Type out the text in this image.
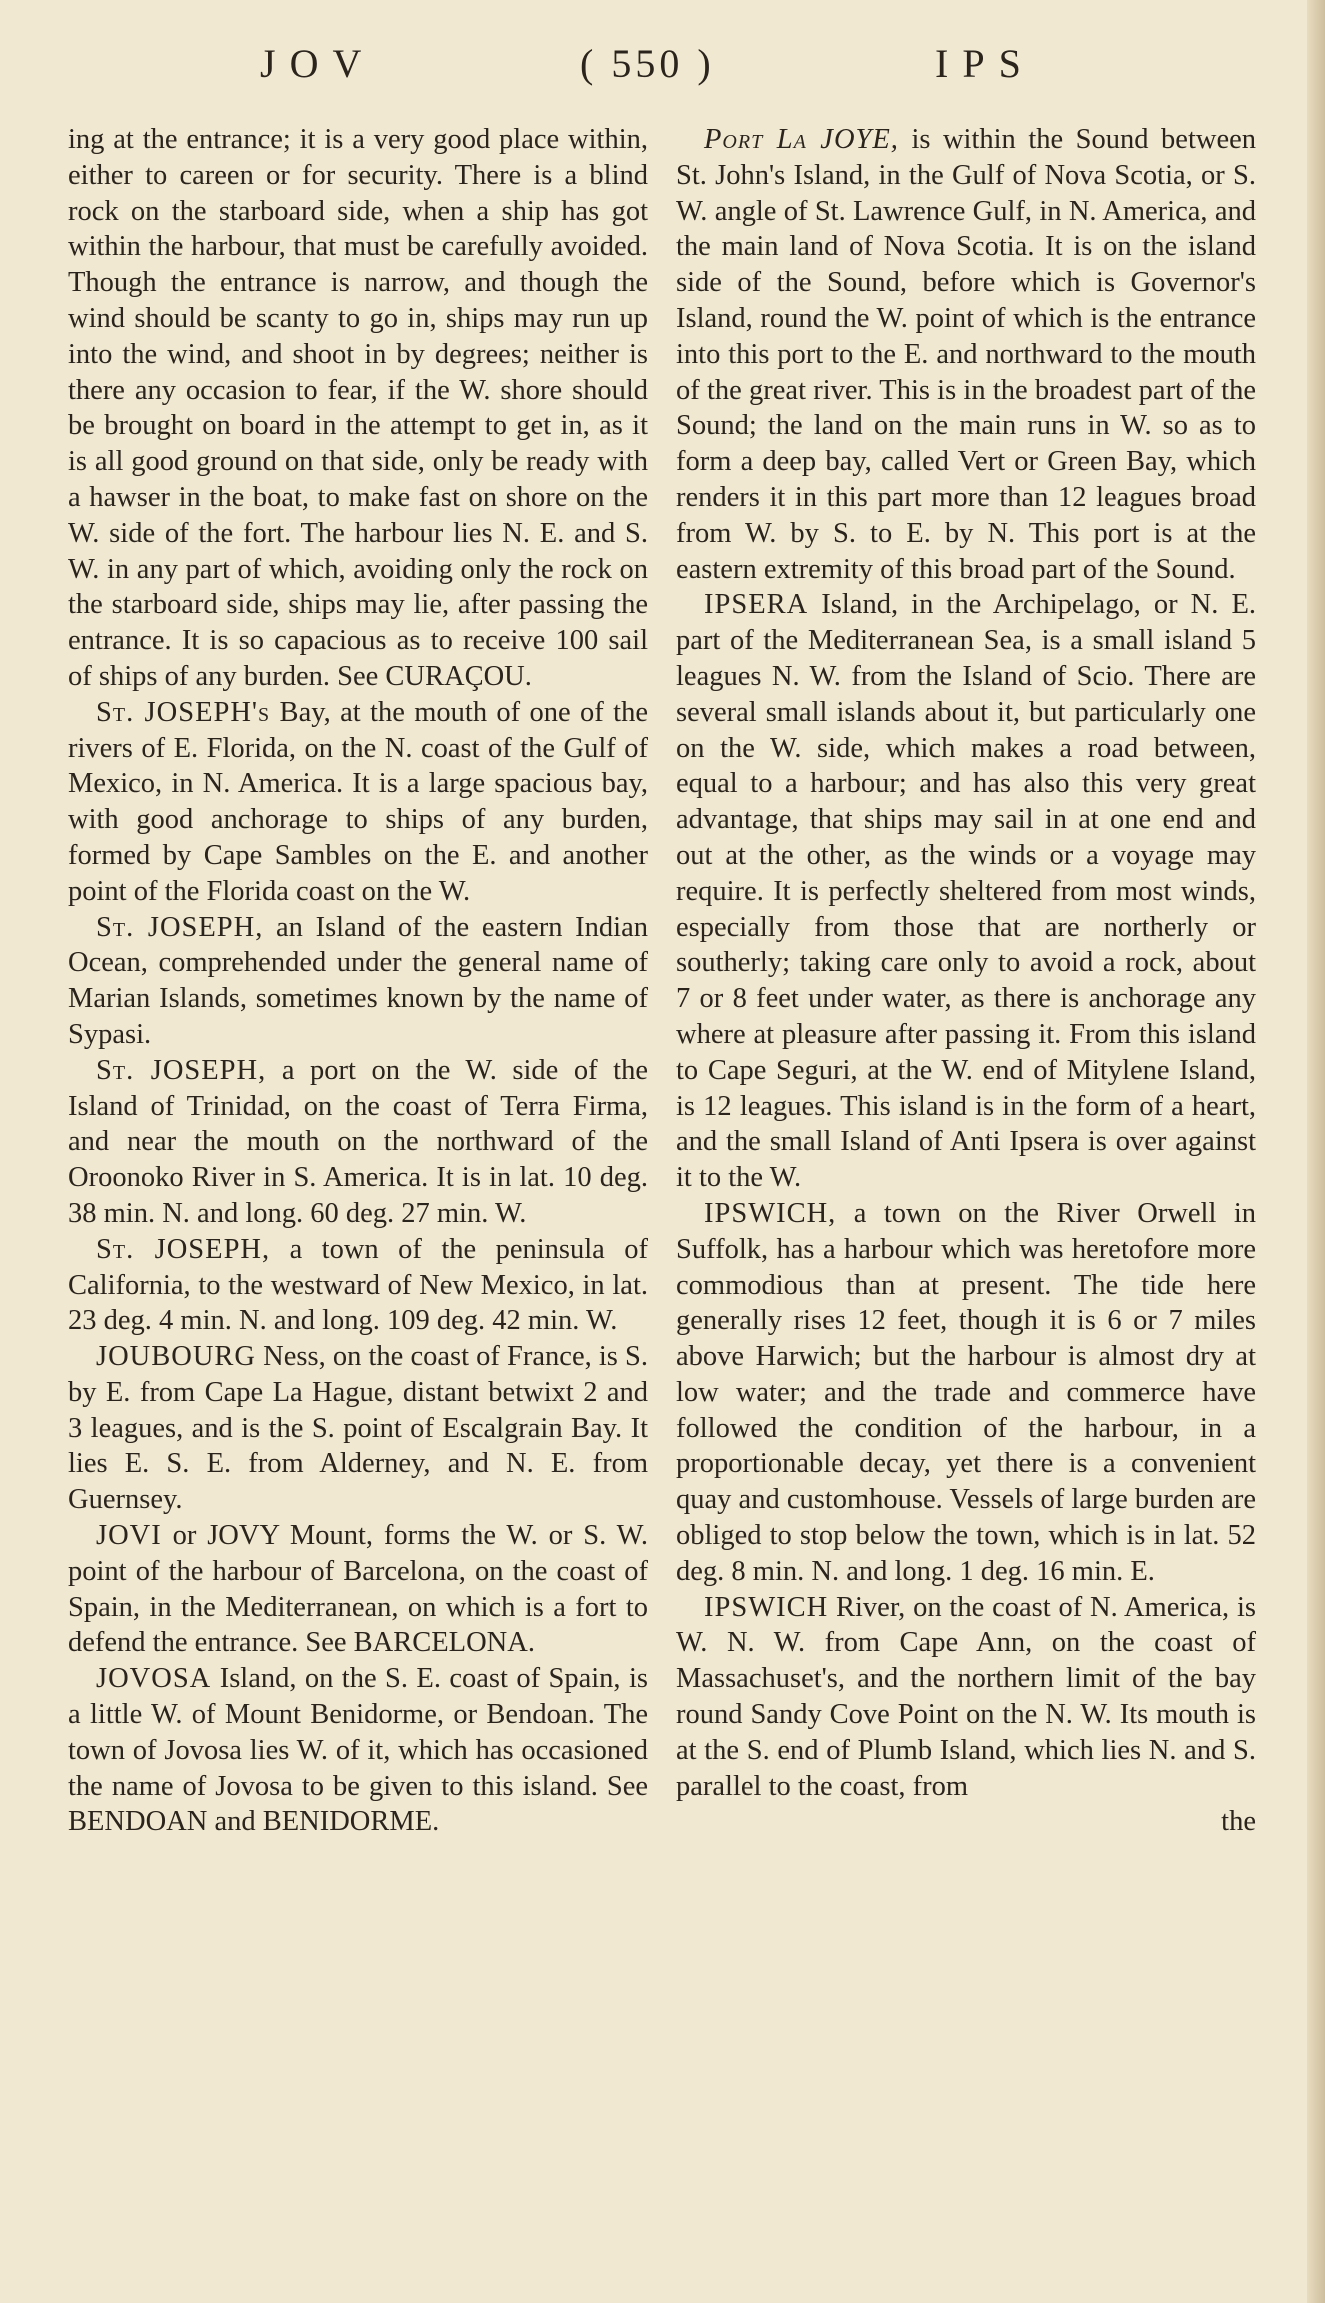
JOV	( 550 )	IPS

ing at the entrance; it is a very good place within, either to careen or for security. There is a blind rock on the starboard side, when a ship has got within the harbour, that must be carefully avoided. Though the entrance is narrow, and though the wind should be scanty to go in, ships may run up into the wind, and shoot in by degrees; neither is there any occasion to fear, if the W. shore should be brought on board in the attempt to get in, as it is all good ground on that side, only be ready with a hawser in the boat, to make fast on shore on the W. side of the fort. The harbour lies N. E. and S. W. in any part of which, avoiding only the rock on the starboard side, ships may lie, after passing the entrance. It is so capacious as to receive 100 sail of ships of any burden. See CURAÇOU.

St. JOSEPH's Bay, at the mouth of one of the rivers of E. Florida, on the N. coast of the Gulf of Mexico, in N. America. It is a large spacious bay, with good anchorage to ships of any burden, formed by Cape Sambles on the E. and another point of the Florida coast on the W.

St. JOSEPH, an Island of the eastern Indian Ocean, comprehended under the general name of Marian Islands, sometimes known by the name of Sypasi.

St. JOSEPH, a port on the W. side of the Island of Trinidad, on the coast of Terra Firma, and near the mouth on the northward of the Oroonoko River in S. America. It is in lat. 10 deg. 38 min. N. and long. 60 deg. 27 min. W.

St. JOSEPH, a town of the peninsula of California, to the westward of New Mexico, in lat. 23 deg. 4 min. N. and long. 109 deg. 42 min. W.

JOUBOURG Ness, on the coast of France, is S. by E. from Cape La Hague, distant betwixt 2 and 3 leagues, and is the S. point of Escalgrain Bay. It lies E. S. E. from Alderney, and N. E. from Guernsey.

JOVI or JOVY Mount, forms the W. or S. W. point of the harbour of Barcelona, on the coast of Spain, in the Mediterranean, on which is a fort to defend the entrance. See BARCELONA.

JOVOSA Island, on the S. E. coast of Spain, is a little W. of Mount Benidorme, or Bendoan. The town of Jovosa lies W. of it, which has occasioned the name of Jovosa to be given to this island. See BENDOAN and BENIDORME.

Port La JOYE, is within the Sound between St. John's Island, in the Gulf of Nova Scotia, or S. W. angle of St. Lawrence Gulf, in N. America, and the main land of Nova Scotia. It is on the island side of the Sound, before which is Governor's Island, round the W. point of which is the entrance into this port to the E. and northward to the mouth of the great river. This is in the broadest part of the Sound; the land on the main runs in W. so as to form a deep bay, called Vert or Green Bay, which renders it in this part more than 12 leagues broad from W. by S. to E. by N. This port is at the eastern extremity of this broad part of the Sound.

IPSERA Island, in the Archipelago, or N. E. part of the Mediterranean Sea, is a small island 5 leagues N. W. from the Island of Scio. There are several small islands about it, but particularly one on the W. side, which makes a road between, equal to a harbour; and has also this very great advantage, that ships may sail in at one end and out at the other, as the winds or a voyage may require. It is perfectly sheltered from most winds, especially from those that are northerly or southerly; taking care only to avoid a rock, about 7 or 8 feet under water, as there is anchorage any where at pleasure after passing it. From this island to Cape Seguri, at the W. end of Mitylene Island, is 12 leagues. This island is in the form of a heart, and the small Island of Anti Ipsera is over against it to the W.

IPSWICH, a town on the River Orwell in Suffolk, has a harbour which was heretofore more commodious than at present. The tide here generally rises 12 feet, though it is 6 or 7 miles above Harwich; but the harbour is almost dry at low water; and the trade and commerce have followed the condition of the harbour, in a proportionable decay, yet there is a convenient quay and customhouse. Vessels of large burden are obliged to stop below the town, which is in lat. 52 deg. 8 min. N. and long. 1 deg. 16 min. E.

IPSWICH River, on the coast of N. America, is W. N. W. from Cape Ann, on the coast of Massachuset's, and the northern limit of the bay round Sandy Cove Point on the N. W. Its mouth is at the S. end of Plumb Island, which lies N. and S. parallel to the coast, from

the
